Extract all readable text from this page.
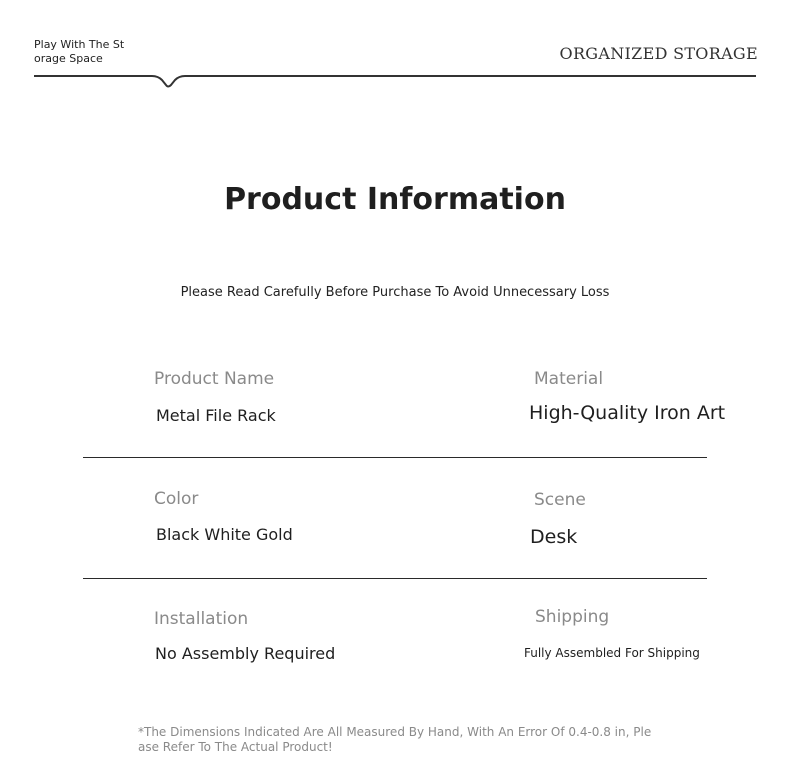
Play With The Storage Space	ORGANIZED STORAGE
Product Information
Please Read Carefully Before Purchase To Avoid Unnecessary Loss
Product Name
Metal File Rack
Material
High-Quality Iron Art
Color
Black White Gold
Scene
Desk
Installation
No Assembly Required
Shipping
Fully Assembled For Shipping
*The Dimensions Indicated Are All Measured By Hand, With An Error Of 0.4-0.8 in, Please Refer To The Actual Product!
